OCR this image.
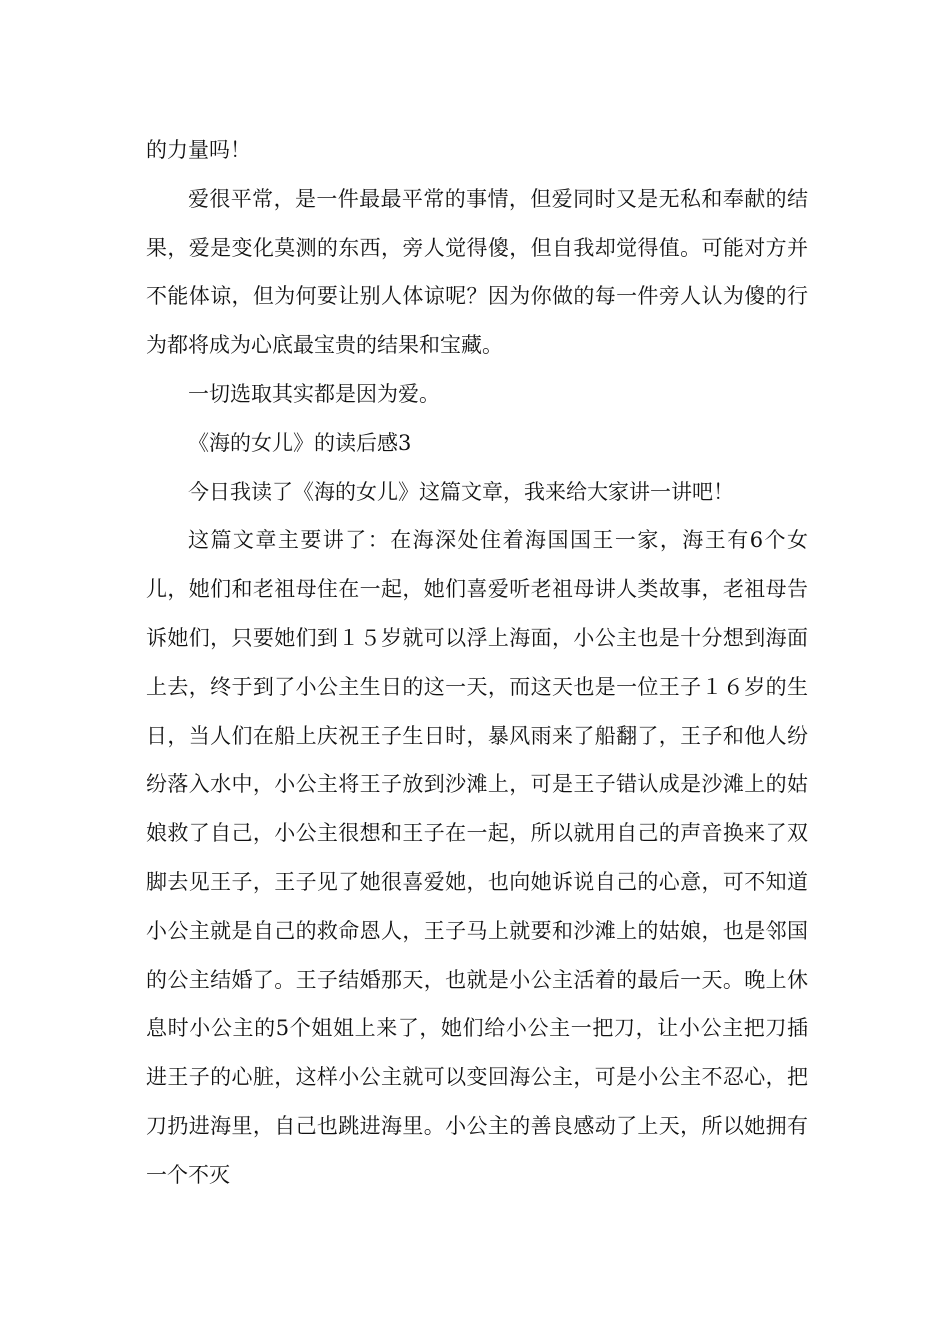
的力量吗！

爱很平常，是一件最最平常的事情，但爱同时又是无私和奉献的结果，爱是变化莫测的东西，旁人觉得傻，但自我却觉得值。可能对方并不能体谅，但为何要让别人体谅呢？因为你做的每一件旁人认为傻的行为都将成为心底最宝贵的结果和宝藏。

一切选取其实都是因为爱。

《海的女儿》的读后感3

今日我读了《海的女儿》这篇文章，我来给大家讲一讲吧！

这篇文章主要讲了：在海深处住着海国国王一家，海王有6个女儿，她们和老祖母住在一起，她们喜爱听老祖母讲人类故事，老祖母告诉她们，只要她们到１５岁就可以浮上海面，小公主也是十分想到海面上去，终于到了小公主生日的这一天，而这天也是一位王子１６岁的生日，当人们在船上庆祝王子生日时，暴风雨来了船翻了，王子和他人纷纷落入水中，小公主将王子放到沙滩上，可是王子错认成是沙滩上的姑娘救了自己，小公主很想和王子在一起，所以就用自己的声音换来了双脚去见王子，王子见了她很喜爱她，也向她诉说自己的心意，可不知道小公主就是自己的救命恩人，王子马上就要和沙滩上的姑娘，也是邻国的公主结婚了。王子结婚那天，也就是小公主活着的最后一天。晚上休息时小公主的5个姐姐上来了，她们给小公主一把刀，让小公主把刀插进王子的心脏，这样小公主就可以变回海公主，可是小公主不忍心，把刀扔进海里，自己也跳进海里。小公主的善良感动了上天，所以她拥有一个不灭
